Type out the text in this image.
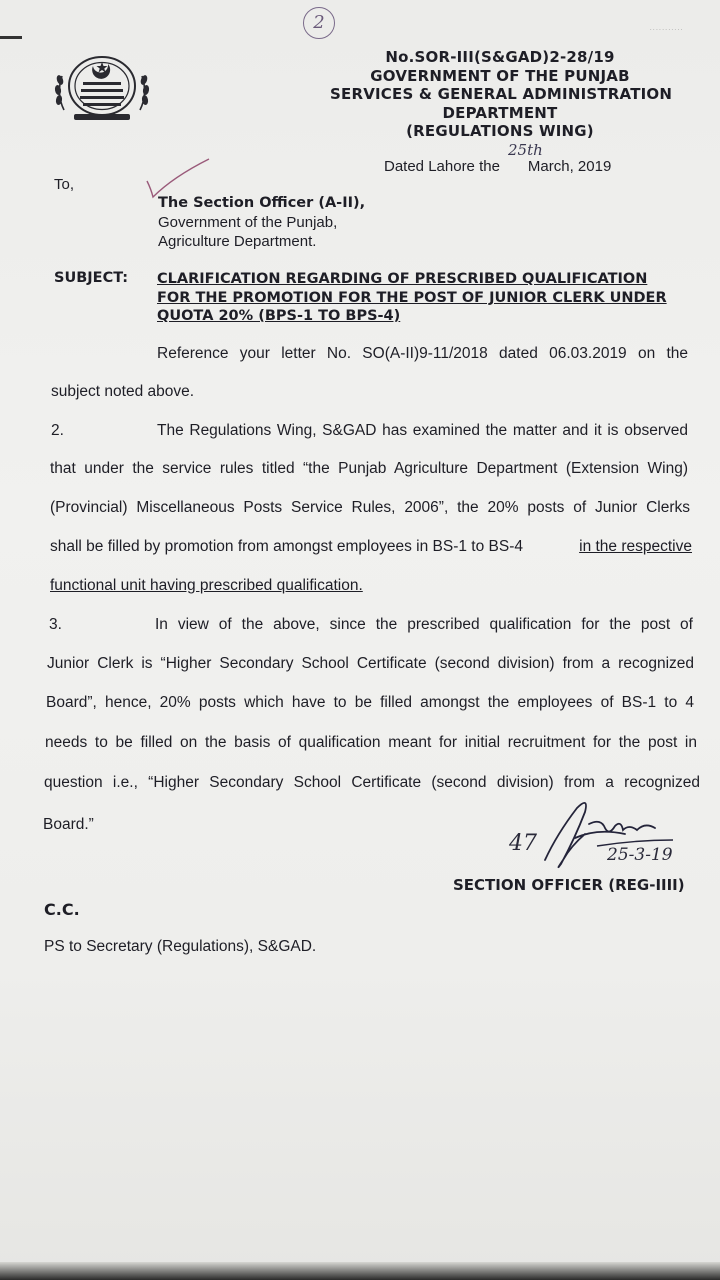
· · · · · · · · · · ·
2
No.SOR-III(S&GAD)2-28/19
GOVERNMENT OF THE PUNJAB
SERVICES & GENERAL ADMINISTRATION
DEPARTMENT
(REGULATIONS WING)
25th
Dated Lahore the March, 2019
To,
The Section Officer (A-II),
Government of the Punjab,
Agriculture Department.
SUBJECT: CLARIFICATION REGARDING OF PRESCRIBED QUALIFICATION
FOR THE PROMOTION FOR THE POST OF JUNIOR CLERK UNDER
QUOTA 20% (BPS-1 TO BPS-4)
Reference your letter No. SO(A-II)9-11/2018 dated 06.03.2019 on the
subject noted above.
2.	The Regulations Wing, S&GAD has examined the matter and it is observed
that under the service rules titled “the Punjab Agriculture Department (Extension Wing)
(Provincial) Miscellaneous Posts Service Rules, 2006”, the 20% posts of Junior Clerks
shall be filled by promotion from amongst employees in BS-1 to BS-4	in the respective
functional unit having prescribed qualification.
3.	In view of the above, since the prescribed qualification for the post of
Junior Clerk is “Higher Secondary School Certificate (second division) from a recognized
Board”, hence, 20% posts which have to be filled amongst the employees of BS-1 to 4
needs to be filled on the basis of qualification meant for initial recruitment for the post in
question i.e., “Higher Secondary School Certificate (second division) from a recognized
Board.”
47	25-3-19
SECTION OFFICER (REG-IIII)
C.C.
PS to Secretary (Regulations), S&GAD.
